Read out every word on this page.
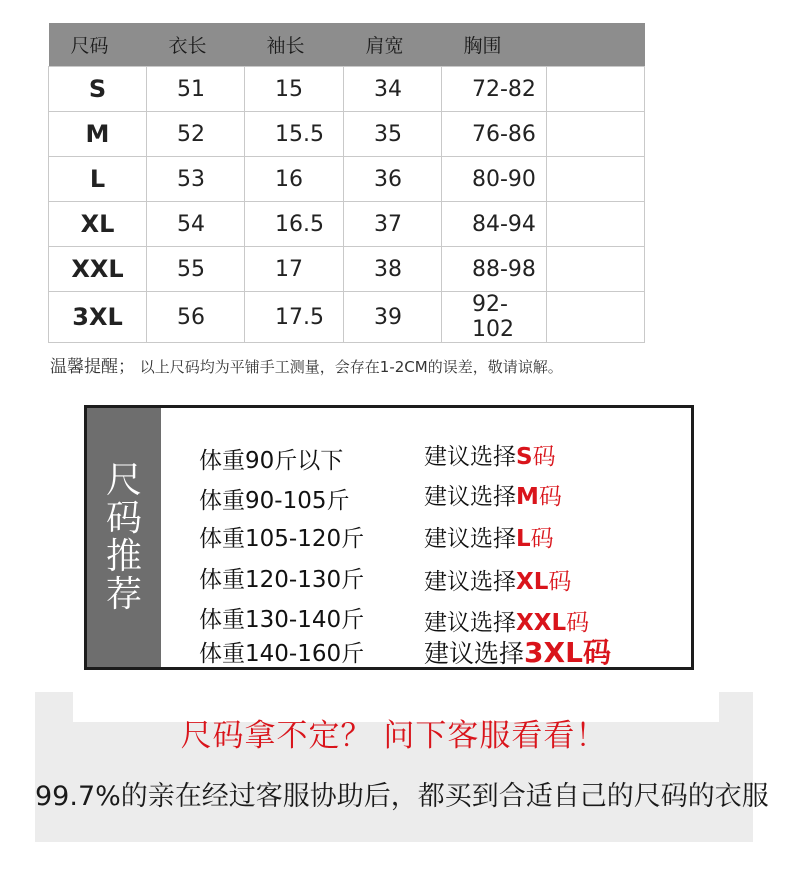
尺码	衣长	袖长	肩宽	胸围	
S	51	15	34	72-82	
M	52	15.5	35	76-86	
L	53	16	36	80-90	
XL	54	16.5	37	84-94	
XXL	55	17	38	88-98	
3XL	56	17.5	39	92-102	
温馨提醒； 以上尺码均为平铺手工测量，会存在1-2CM的误差，敬请谅解。
尺码推荐
体重90斤以下	建议选择S码
体重90-105斤	建议选择M码
体重105-120斤	建议选择L码
体重120-130斤	建议选择XL码
体重130-140斤	建议选择XXL码
体重140-160斤 建议选择3XL码
尺码拿不定？ 问下客服看看！
99.7%的亲在经过客服协助后，都买到合适自己的尺码的衣服
